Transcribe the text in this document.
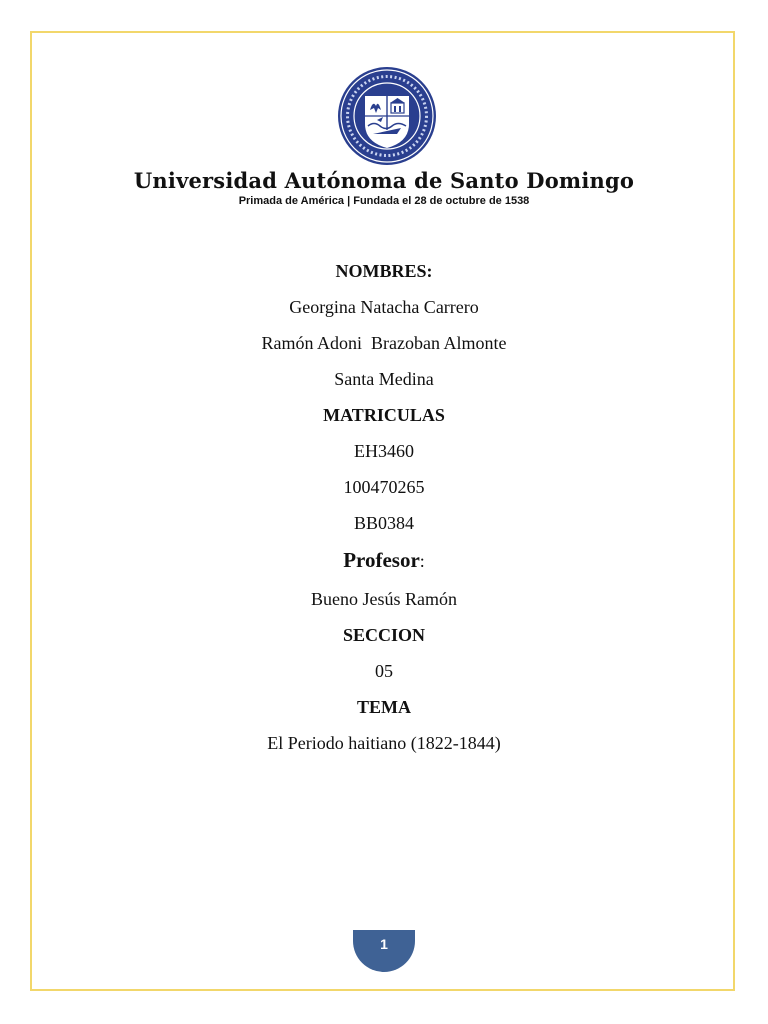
Universidad Autónoma de Santo Domingo
Primada de América | Fundada el 28 de octubre de 1538
NOMBRES:
Georgina Natacha Carrero
Ramón Adoni  Brazoban Almonte
Santa Medina
MATRICULAS
EH3460
100470265
BB0384
Profesor:
Bueno Jesús Ramón
SECCION
05
TEMA
El Periodo haitiano (1822-1844)
1
